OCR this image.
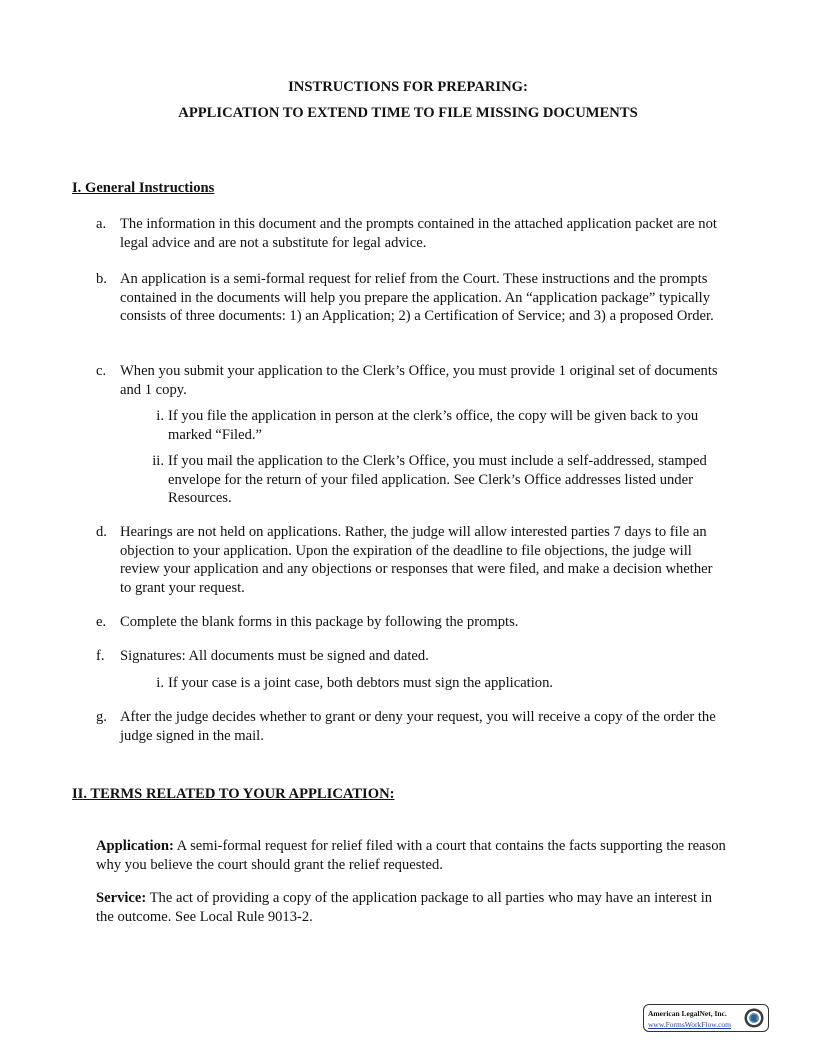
INSTRUCTIONS FOR PREPARING:
APPLICATION TO EXTEND TIME TO FILE MISSING DOCUMENTS
I. General Instructions
a. The information in this document and the prompts contained in the attached application packet are not legal advice and are not a substitute for legal advice.
b. An application is a semi-formal request for relief from the Court. These instructions and the prompts contained in the documents will help you prepare the application. An “application package” typically consists of three documents: 1) an Application; 2) a Certification of Service; and 3) a proposed Order.
c. When you submit your application to the Clerk’s Office, you must provide 1 original set of documents and 1 copy.
i. If you file the application in person at the clerk’s office, the copy will be given back to you marked “Filed.”
ii. If you mail the application to the Clerk’s Office, you must include a self-addressed, stamped envelope for the return of your filed application. See Clerk’s Office addresses listed under Resources.
d. Hearings are not held on applications. Rather, the judge will allow interested parties 7 days to file an objection to your application. Upon the expiration of the deadline to file objections, the judge will review your application and any objections or responses that were filed, and make a decision whether to grant your request.
e. Complete the blank forms in this package by following the prompts.
f. Signatures: All documents must be signed and dated.
i. If your case is a joint case, both debtors must sign the application.
g. After the judge decides whether to grant or deny your request, you will receive a copy of the order the judge signed in the mail.
II. TERMS RELATED TO YOUR APPLICATION:
Application: A semi-formal request for relief filed with a court that contains the facts supporting the reason why you believe the court should grant the relief requested.
Service: The act of providing a copy of the application package to all parties who may have an interest in the outcome. See Local Rule 9013-2.
American LegalNet, Inc.
www.FormsWorkFlow.com
